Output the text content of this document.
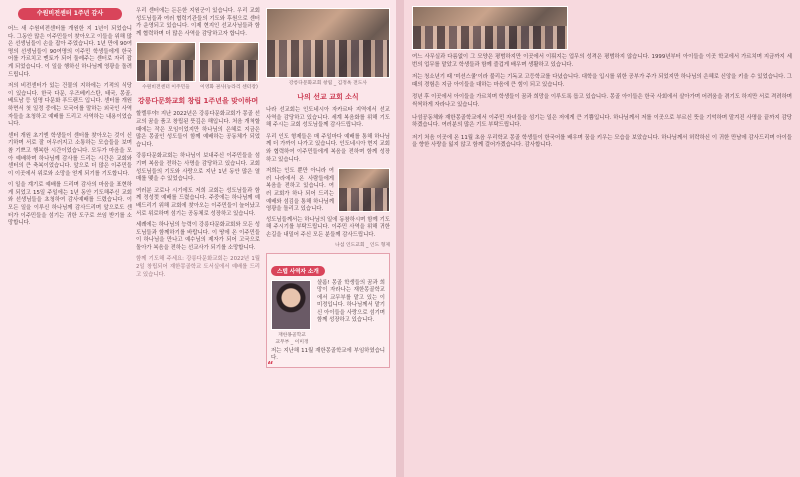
수원비전센터 1주년 감사

어느 새 수원비전센터를 개원한 지 1년이 되었습니다. 그동안 많은 이주민들이 찾아오고 이들을 위해 많은 선생님들이 손을 잡아 주었습니다. 1년 만에 90여명의 선생님들이 90여명의 이주민 학생들에게 한국어를 가르치고 멘토가 되어 둘레주는 센터로 자리 잡게 되었습니다. 이 일을 행하신 하나님께 영광을 돌려 드립니다.

저의 비전센터가 있는 건물의 지하에는 기적의 식당이 있습니다. 한국 다문, 우즈베키스탄, 태국, 몽골, 베트남 등 일명 다문화 푸드랜드 입니다. 센터를 개원하면서 첫 일정 중에는 모국어를 말하는 외국인 사역자들을 초청하고 예배를 드리고 사역하는 내용이었습니다.

센터 개원 초기엔 학생들이 센터를 찾아오는 것이 신기하며 서로 잘 어우러지고 소통하는 모습들을 보며 참 기쁘고 행복한 시간이었습니다. 모두가 마음을 모아 예배하며 하나님께 감사를 드리는 시간은 교회와 센터의 큰 축복이었습니다. 앞으로 더 많은 이주민들이 이곳에서 위로와 소망을 얻게 되기를 기도합니다.

이 일을 계기로 예배를 드리며 감사의 마음을 표현하게 되었고 15일 주일에는 1년 동안 기도해주신 교회와 선생님들을 초청하여 감사예배를 드렸습니다. 이 모든 일을 이루신 하나님께 감사드리며 앞으로도 센터가 이주민들을 섬기는 귀한 도구로 쓰임 받기를 소망합니다.

우리 센터에는 든든한 지원군이 있습니다. 우리 교회 성도님들과 여러 협력기관들의 기도와 후원으로 센터가 운영되고 있습니다. 이제 현지인 선교사님들과 함께 협력하며 더 많은 사역을 감당하고자 합니다.

수원비전센터 이주민들	이영화 권사(능라리 센터장)
강릉다문화교회 창립 1주년을 맞이하며

할렐루야! 지난 2022년은 강릉다문화교회가 몽골 선교의 꿈을 품고 창립된 뜻깊은 해입니다. 처음 개척할 때에는 작은 모임이었지만 하나님의 은혜로 지금은 많은 몽골인 성도들이 함께 예배하는 공동체가 되었습니다.

강릉다문화교회는 하나님이 보내주신 이주민들을 섬기며 복음을 전하는 사명을 감당하고 있습니다. 교회 성도님들의 기도와 사랑으로 지난 1년 동안 많은 열매를 맺을 수 있었습니다.

여러분 코로나 시기에도 저희 교회는 성도님들과 함께 정성껏 예배를 드렸습니다. 주중에는 하나님께 예배드리기 위해 교회에 찾아오는 이주민들이 늘어났고 서로 위로하며 섬기는 공동체로 성장하고 있습니다.

세례에는 하나님의 능력이 강릉다문화교회와 모든 성도님들과 함께하기를 바랍니다. 이 땅에 온 이주민들이 하나님을 만나고 예수님의 제자가 되어 고국으로 돌아가 복음을 전하는 선교사가 되기를 소망합니다.

함께 기도해 주세요: 강릉다문화교회는 2022년 1월 2일 창립되어 재한몽골학교 도서실에서 예배를 드리고 있습니다.

강릉다문화교회 창립 _ 김정옥 전도사
나의 선교 교회 소식

나라 선교회는 인도네시아 자카르타 지역에서 선교 사역을 감당하고 있습니다. 세계 복음화를 위해 기도해 주시는 교회 성도님들께 감사드립니다.

우리 인도 형제들은 매 주일마다 예배를 통해 하나님께 더 가까이 나가고 있습니다. 인도네시아 현지 교회와 협력하여 이주민들에게 복음을 전하며 함께 성장하고 있습니다.

저희는 인도 뿐만 아니라 여러 나라에서 온 사람들에게 복음을 전하고 있습니다. 여러 교회가 하나 되어 드리는 예배와 섬김을 통해 하나님께 영광을 돌리고 있습니다.

성도님들께서는 하나님의 일에 동참하시며 함께 기도해 주시기를 부탁드립니다. 이주민 사역을 위해 귀한 손길을 내밀어 주신 모든 분들께 감사드립니다.

나섬 인도교회 _ 인도 형제
스텝 사역자 소개
재한몽골학교
교무부 _ 이미정

샬롬! 몽골 학생들의 꿈과 희망이 자라나는 재한몽골학교에서 교무부를 맡고 있는 이미정입니다. 하나님께서 맡기신 아이들을 사랑으로 섬기며 함께 성장하고 있습니다.

저는 지난해 11월 재한몽골학교에 부임하였습니다.

“

여느 사무실과 다름없이 그 모양은 평범하지만 이곳에서 이뤄지는 업무의 성격은 평범하지 않습니다. 1999년부터 아이들을 이곳 학교에서 가르치며 지금까지 세 번의 업무를 맡았고 학생들과 함께 즐겁게 배우며 생활하고 있습니다.

저는 청소년기 때 '미션스쿨'이라 불리는 기독교 고등학교를 다녔습니다. 대학을 입시를 위한 공부가 주가 되었지만 하나님의 은혜로 신앙을 키울 수 있었습니다. 그때의 경험은 지금 아이들을 대하는 마음에 큰 힘이 되고 있습니다.

정년 후 이곳에서 아이들을 가르치며 학생들이 꿈과 희망을 이루도록 돕고 있습니다. 몽골 아이들은 한국 사회에서 살아가며 어려움을 겪기도 하지만 서로 격려하며 씩씩하게 자라나고 있습니다.

나섬공동체와 재한몽골학교에서 이주민 자녀들을 섬기는 일은 저에게 큰 기쁨입니다. 하나님께서 저를 이곳으로 부르신 뜻을 기억하며 맡겨진 사명을 끝까지 감당하겠습니다. 여러분의 많은 기도 부탁드립니다.

저기 처음 이곳에 온 11월 초음 우리학교 몽골 학생들이 한국어를 배우며 꿈을 키우는 모습을 보았습니다. 하나님께서 허락하신 이 귀한 만남에 감사드리며 아이들을 향한 사랑을 잃지 않고 함께 걸어가겠습니다. 감사합니다.
